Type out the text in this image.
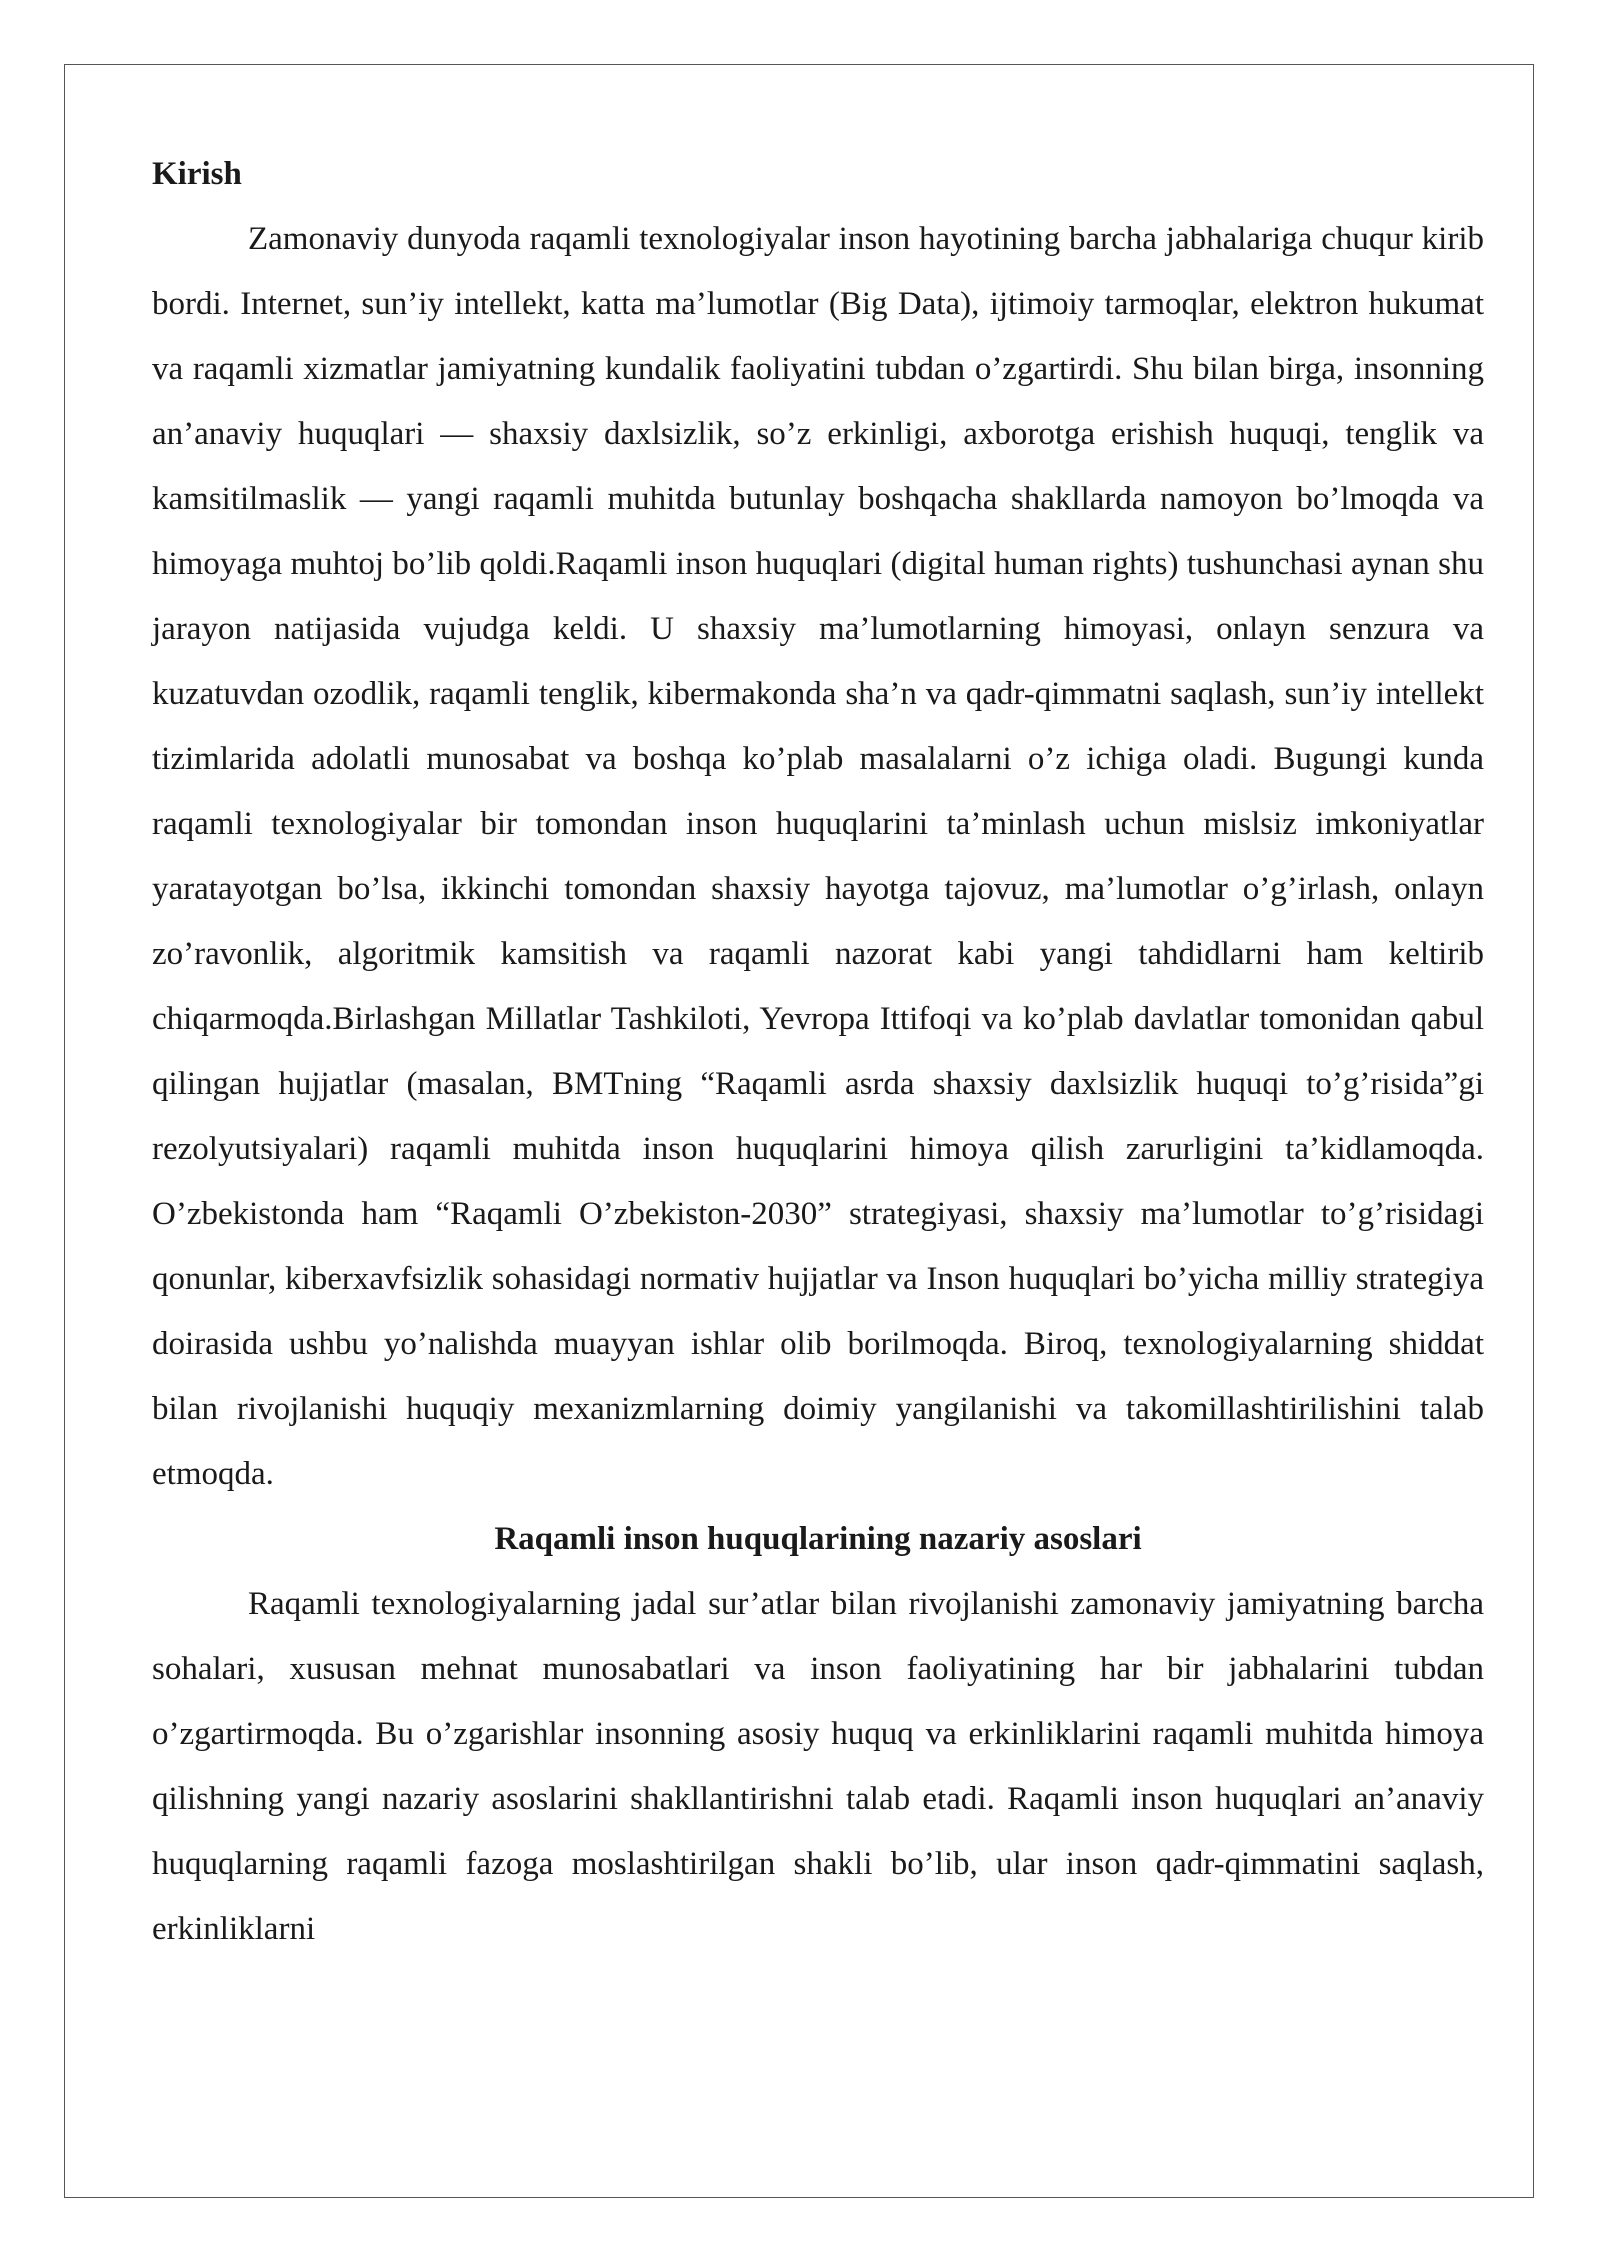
Kirish

Zamonaviy dunyoda raqamli texnologiyalar inson hayotining barcha jabhalariga chuqur kirib bordi. Internet, sun’iy intellekt, katta ma’lumotlar (Big Data), ijtimoiy tarmoqlar, elektron hukumat va raqamli xizmatlar jamiyatning kundalik faoliyatini tubdan o’zgartirdi. Shu bilan birga, insonning an’anaviy huquqlari — shaxsiy daxlsizlik, so’z erkinligi, axborotga erishish huquqi, tenglik va kamsitilmaslik — yangi raqamli muhitda butunlay boshqacha shakllarda namoyon bo’lmoqda va himoyaga muhtoj bo’lib qoldi.Raqamli inson huquqlari (digital human rights) tushunchasi aynan shu jarayon natijasida vujudga keldi. U shaxsiy ma’lumotlarning himoyasi, onlayn senzura va kuzatuvdan ozodlik, raqamli tenglik, kibermakonda sha’n va qadr-qimmatni saqlash, sun’iy intellekt tizimlarida adolatli munosabat va boshqa ko’plab masalalarni o’z ichiga oladi. Bugungi kunda raqamli texnologiyalar bir tomondan inson huquqlarini ta’minlash uchun mislsiz imkoniyatlar yaratayotgan bo’lsa, ikkinchi tomondan shaxsiy hayotga tajovuz, ma’lumotlar o’g’irlash, onlayn zo’ravonlik, algoritmik kamsitish va raqamli nazorat kabi yangi tahdidlarni ham keltirib chiqarmoqda.Birlashgan Millatlar Tashkiloti, Yevropa Ittifoqi va ko’plab davlatlar tomonidan qabul qilingan hujjatlar (masalan, BMTning “Raqamli asrda shaxsiy daxlsizlik huquqi to’g’risida”gi rezolyutsiyalari) raqamli muhitda inson huquqlarini himoya qilish zarurligini ta’kidlamoqda. O’zbekistonda ham “Raqamli O’zbekiston-2030” strategiyasi, shaxsiy ma’lumotlar to’g’risidagi qonunlar, kiberxavfsizlik sohasidagi normativ hujjatlar va Inson huquqlari bo’yicha milliy strategiya doirasida ushbu yo’nalishda muayyan ishlar olib borilmoqda. Biroq, texnologiyalarning shiddat bilan rivojlanishi huquqiy mexanizmlarning doimiy yangilanishi va takomillashtirilishini talab etmoqda.

Raqamli inson huquqlarining nazariy asoslari

Raqamli texnologiyalarning jadal sur’atlar bilan rivojlanishi zamonaviy jamiyatning barcha sohalari, xususan mehnat munosabatlari va inson faoliyatining har bir jabhalarini tubdan o’zgartirmoqda. Bu o’zgarishlar insonning asosiy huquq va erkinliklarini raqamli muhitda himoya qilishning yangi nazariy asoslarini shakllantirishni talab etadi. Raqamli inson huquqlari an’anaviy huquqlarning raqamli fazoga moslashtirilgan shakli bo’lib, ular inson qadr-qimmatini saqlash, erkinliklarni
